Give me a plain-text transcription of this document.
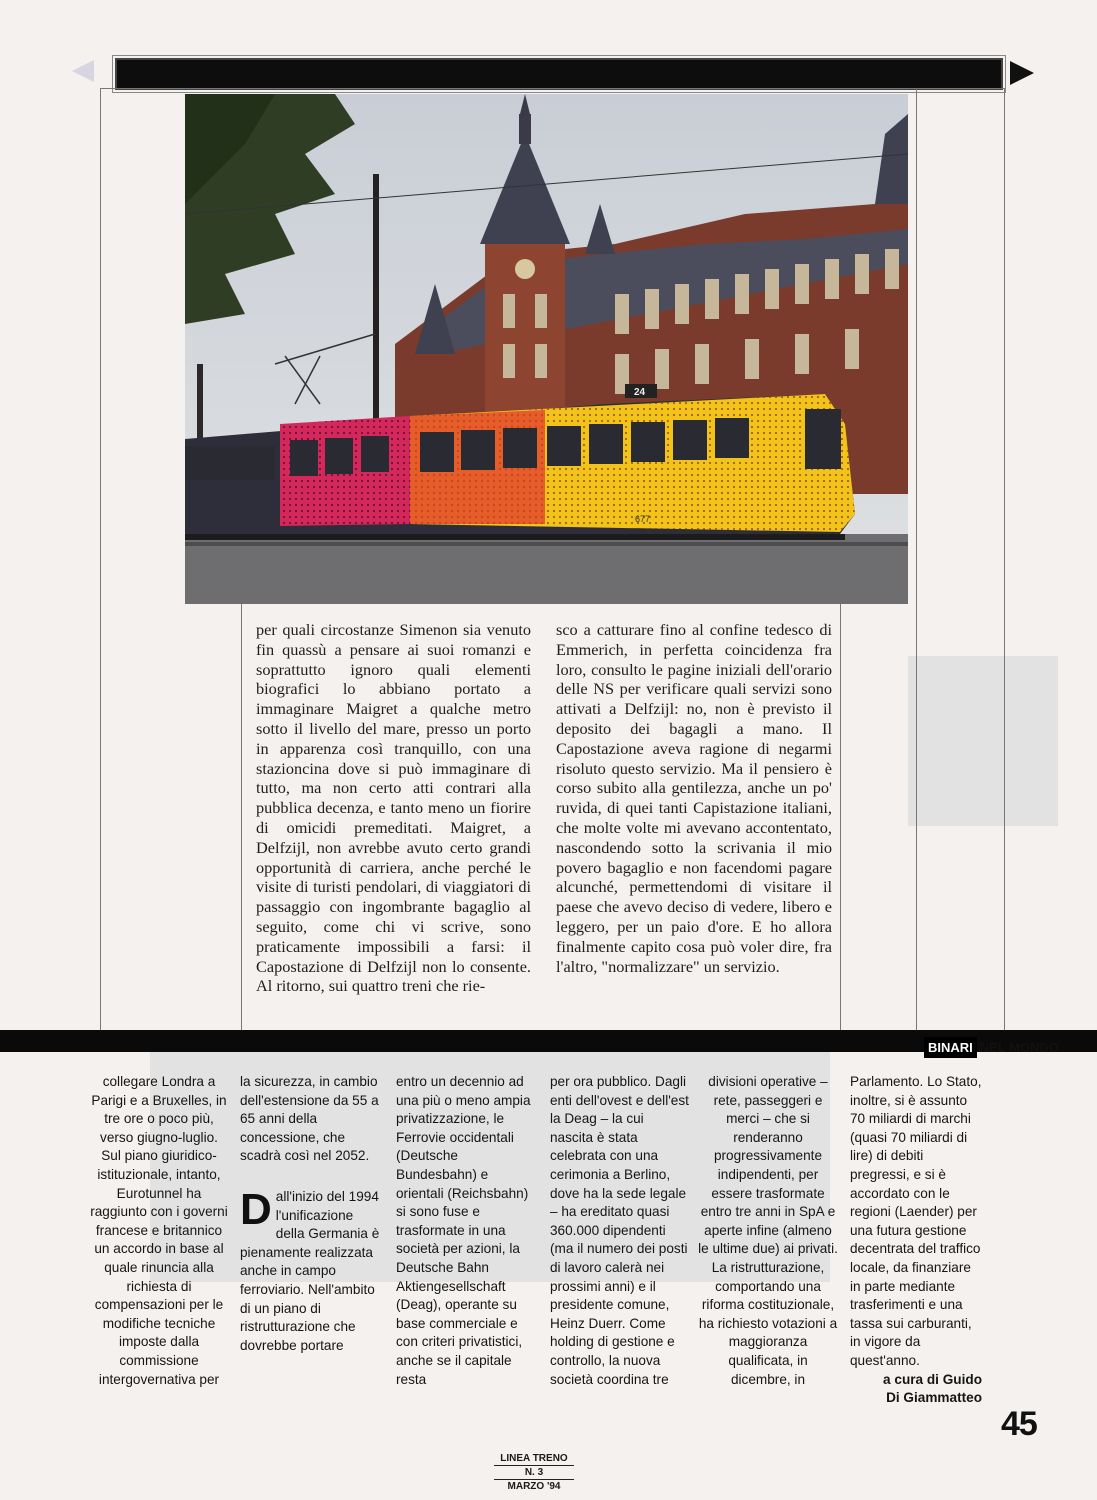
24
677

per quali circostanze Simenon sia venuto fin quassù a pensare ai suoi romanzi e soprattutto ignoro quali elementi biografici lo abbiano portato a immaginare Maigret a qualche metro sotto il livello del mare, presso un porto in apparenza così tranquillo, con una stazioncina dove si può immaginare di tutto, ma non certo atti contrari alla pubblica decenza, e tanto meno un fiorire di omicidi premeditati. Maigret, a Delfzijl, non avrebbe avuto certo grandi opportunità di carriera, anche perché le visite di turisti pendolari, di viaggiatori di passaggio con ingombrante bagaglio al seguito, come chi vi scrive, sono praticamente impossibili a farsi: il Capostazione di Delfzijl non lo consente. Al ritorno, sui quattro treni che rie-

sco a catturare fino al confine tedesco di Emmerich, in perfetta coincidenza fra loro, consulto le pagine iniziali dell'orario delle NS per verificare quali servizi sono attivati a Delfzijl: no, non è previsto il deposito dei bagagli a mano. Il Capostazione aveva ragione di negarmi risoluto questo servizio. Ma il pensiero è corso subito alla gentilezza, anche un po' ruvida, di quei tanti Capistazione italiani, che molte volte mi avevano accontentato, nascondendo sotto la scrivania il mio povero bagaglio e non facendomi pagare alcunché, permettendomi di visitare il paese che avevo deciso di vedere, libero e leggero, per un paio d'ore. E ho allora finalmente capito cosa può voler dire, fra l'altro, "normalizzare" un servizio.

BINARI NEL MONDO

collegare Londra a Parigi e a Bruxelles, in tre ore o poco più, verso giugno-luglio. Sul piano giuridico-istituzionale, intanto, Eurotunnel ha raggiunto con i governi francese e britannico un accordo in base al quale rinuncia alla richiesta di compensazioni per le modifiche tecniche imposte dalla commissione intergovernativa per

la sicurezza, in cambio dell'estensione da 55 a 65 anni della concessione, che scadrà così nel 2052.

Dall'inizio del 1994 l'unificazione della Germania è pienamente realizzata anche in campo ferroviario. Nell'ambito di un piano di ristrutturazione che dovrebbe portare

entro un decennio ad una più o meno ampia privatizzazione, le Ferrovie occidentali (Deutsche Bundesbahn) e orientali (Reichsbahn) si sono fuse e trasformate in una società per azioni, la Deutsche Bahn Aktiengesellschaft (Deag), operante su base commerciale e con criteri privatistici, anche se il capitale resta

per ora pubblico. Dagli enti dell'ovest e dell'est la Deag – la cui nascita è stata celebrata con una cerimonia a Berlino, dove ha la sede legale – ha ereditato quasi 360.000 dipendenti (ma il numero dei posti di lavoro calerà nei prossimi anni) e il presidente comune, Heinz Duerr. Come holding di gestione e controllo, la nuova società coordina tre

divisioni operative – rete, passeggeri e merci – che si renderanno progressivamente indipendenti, per essere trasformate entro tre anni in SpA e aperte infine (almeno le ultime due) ai privati. La ristrutturazione, comportando una riforma costituzionale, ha richiesto votazioni a maggioranza qualificata, in dicembre, in

Parlamento. Lo Stato, inoltre, si è assunto 70 miliardi di marchi (quasi 70 miliardi di lire) di debiti pregressi, e si è accordato con le regioni (Laender) per una futura gestione decentrata del traffico locale, da finanziare in parte mediante trasferimenti e una tassa sui carburanti, in vigore da quest'anno.

a cura di Guido

Di Giammatteo

45
LINEA TRENO
N. 3
MARZO '94
